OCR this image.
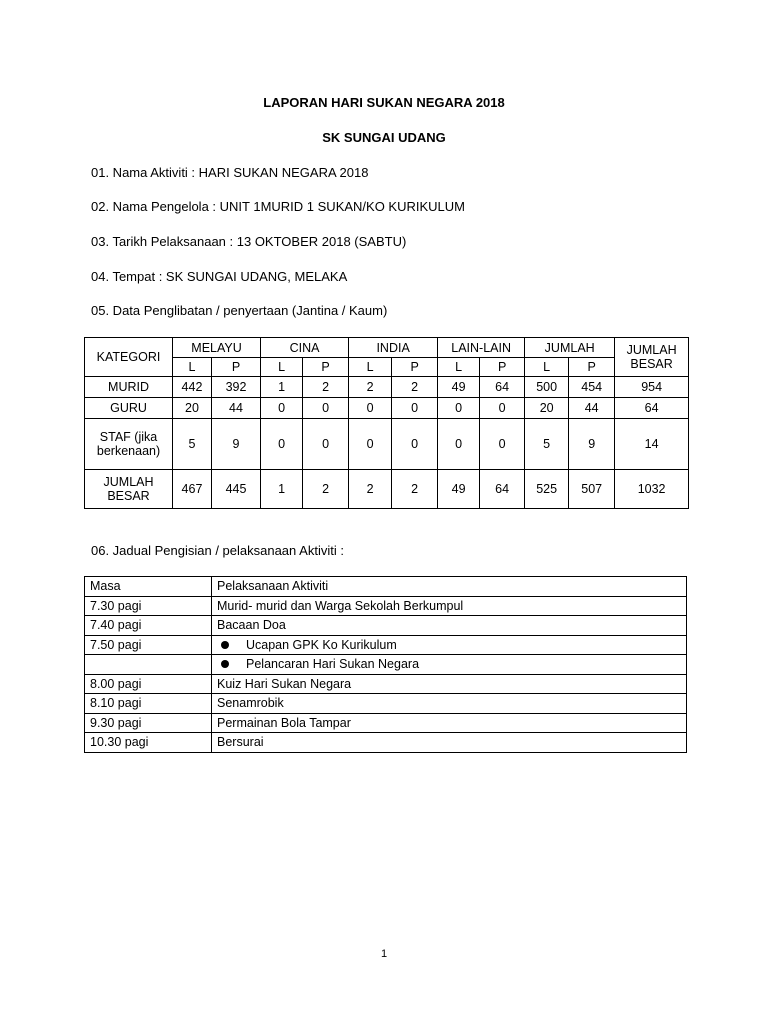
LAPORAN HARI SUKAN NEGARA 2018
SK SUNGAI UDANG
01. Nama Aktiviti : HARI SUKAN NEGARA 2018
02. Nama Pengelola : UNIT 1MURID 1 SUKAN/KO KURIKULUM
03. Tarikh Pelaksanaan : 13 OKTOBER 2018 (SABTU)
04. Tempat : SK SUNGAI UDANG, MELAKA
05. Data Penglibatan / penyertaan (Jantina / Kaum)
KATEGORI	MELAYU		CINA		INDIA		LAIN-LAIN		JUMLAH		JUMLAH BESAR
	L	P	L	P	L	P	L	P	L	P	
MURID	442	392	1	2	2	2	49	64	500	454	954
GURU	20	44	0	0	0	0	0	0	20	44	64
STAF (jika berkenaan)	5	9	0	0	0	0	0	0	5	9	14
JUMLAH BESAR	467	445	1	2	2	2	49	64	525	507	1032
06. Jadual Pengisian / pelaksanaan Aktiviti :
Masa	Pelaksanaan Aktiviti
7.30 pagi	Murid- murid dan Warga Sekolah Berkumpul
7.40 pagi	Bacaan Doa
7.50 pagi	Ucapan GPK Ko Kurikulum
	Pelancaran Hari Sukan Negara
8.00 pagi	Kuiz Hari Sukan Negara
8.10 pagi	Senamrobik
9.30 pagi	Permainan Bola Tampar
10.30 pagi	Bersurai
1
